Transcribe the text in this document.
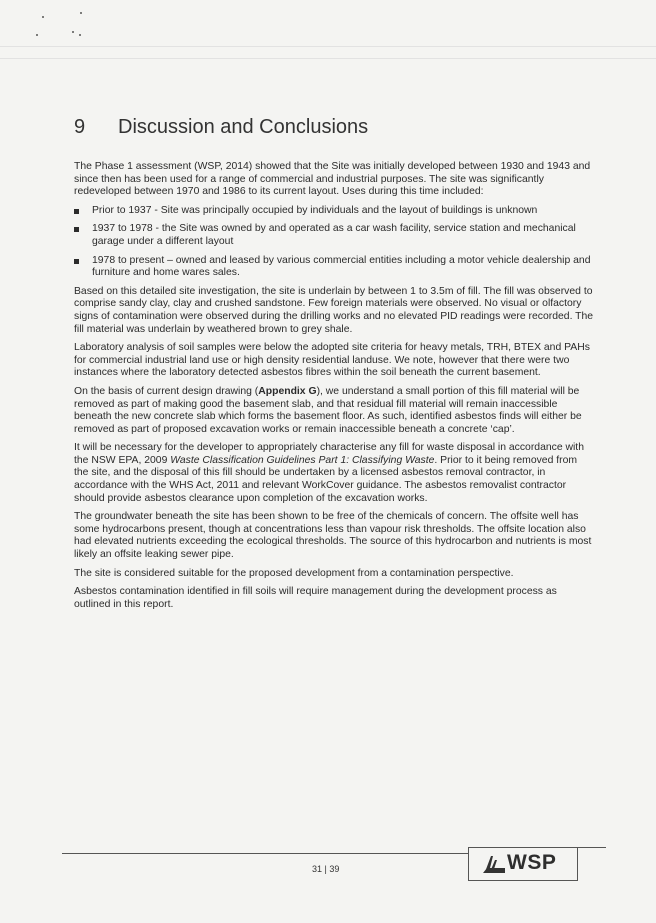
9 Discussion and Conclusions

The Phase 1 assessment (WSP, 2014) showed that the Site was initially developed between 1930 and 1943 and since then has been used for a range of commercial and industrial purposes. The site was significantly redeveloped between 1970 and 1986 to its current layout. Uses during this time included:

Prior to 1937 - Site was principally occupied by individuals and the layout of buildings is unknown
1937 to 1978 - the Site was owned by and operated as a car wash facility, service station and mechanical garage under a different layout
1978 to present – owned and leased by various commercial entities including a motor vehicle dealership and furniture and home wares sales.

Based on this detailed site investigation, the site is underlain by between 1 to 3.5m of fill. The fill was observed to comprise sandy clay, clay and crushed sandstone. Few foreign materials were observed. No visual or olfactory signs of contamination were observed during the drilling works and no elevated PID readings were recorded. The fill material was underlain by weathered brown to grey shale.

Laboratory analysis of soil samples were below the adopted site criteria for heavy metals, TRH, BTEX and PAHs for commercial industrial land use or high density residential landuse. We note, however that there were two instances where the laboratory detected asbestos fibres within the soil beneath the current basement.

On the basis of current design drawing (Appendix G), we understand a small portion of this fill material will be removed as part of making good the basement slab, and that residual fill material will remain inaccessible beneath the new concrete slab which forms the basement floor. As such, identified asbestos finds will either be removed as part of proposed excavation works or remain inaccessible beneath a concrete ‘cap’.

It will be necessary for the developer to appropriately characterise any fill for waste disposal in accordance with the NSW EPA, 2009 Waste Classification Guidelines Part 1: Classifying Waste. Prior to it being removed from the site, and the disposal of this fill should be undertaken by a licensed asbestos removal contractor, in accordance with the WHS Act, 2011 and relevant WorkCover guidance. The asbestos removalist contractor should provide asbestos clearance upon completion of the excavation works.

The groundwater beneath the site has been shown to be free of the chemicals of concern. The offsite well has some hydrocarbons present, though at concentrations less than vapour risk thresholds. The offsite location also had elevated nutrients exceeding the ecological thresholds. The source of this hydrocarbon and nutrients is most likely an offsite leaking sewer pipe.

The site is considered suitable for the proposed development from a contamination perspective.

Asbestos contamination identified in fill soils will require management during the development process as outlined in this report.

31 | 39	WSP
